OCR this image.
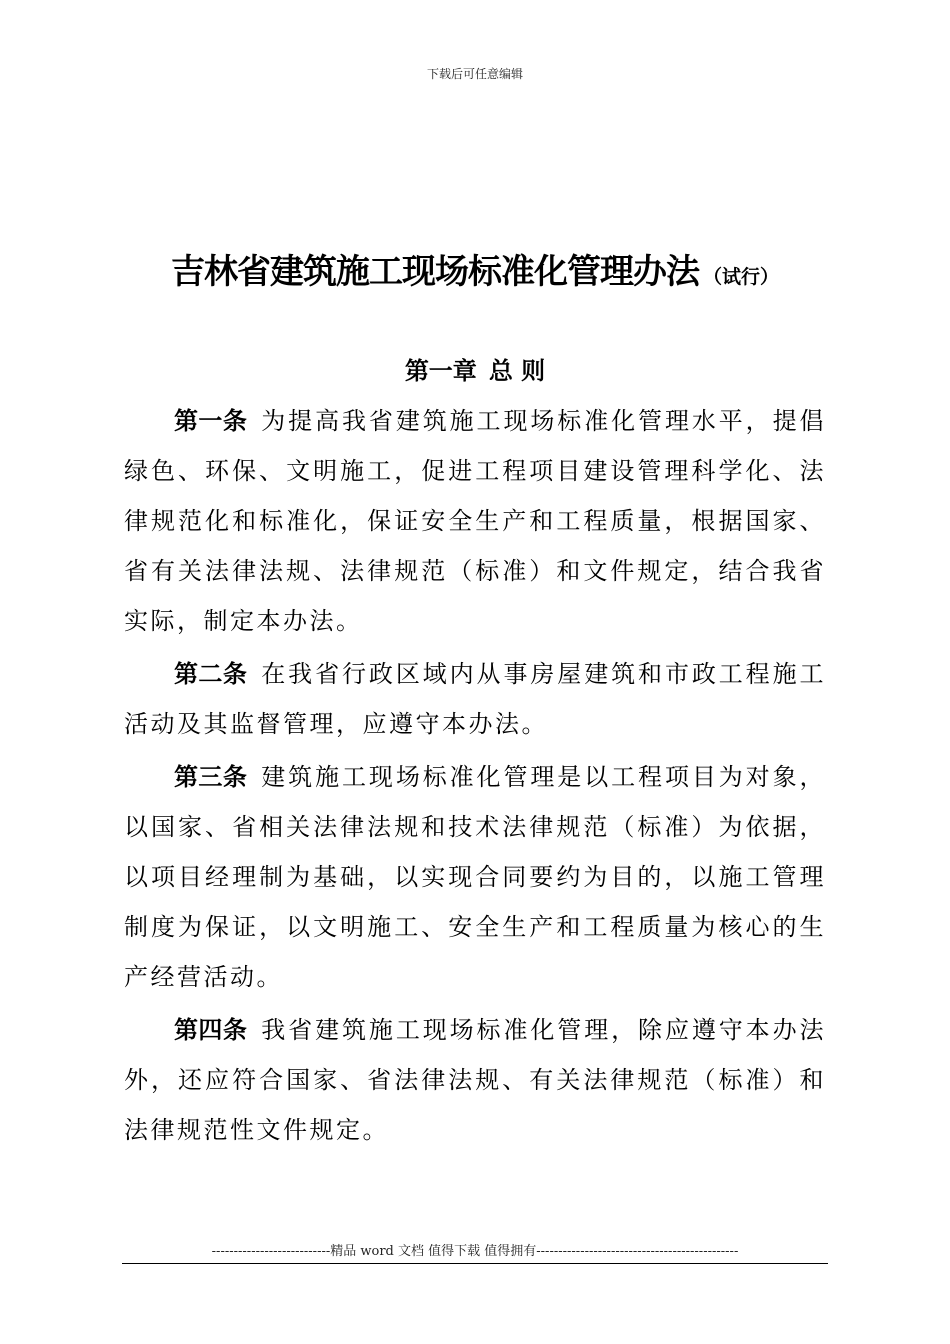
下载后可任意编辑
吉林省建筑施工现场标准化管理办法 （试行）
第一章 总 则

第一条 为提高我省建筑施工现场标准化管理水平，提倡绿色、环保、文明施工，促进工程项目建设管理科学化、法律规范化和标准化，保证安全生产和工程质量，根据国家、省有关法律法规、法律规范（标准）和文件规定，结合我省实际，制定本办法。

第二条 在我省行政区域内从事房屋建筑和市政工程施工活动及其监督管理，应遵守本办法。

第三条 建筑施工现场标准化管理是以工程项目为对象，以国家、省相关法律法规和技术法律规范（标准）为依据，以项目经理制为基础，以实现合同要约为目的，以施工管理制度为保证，以文明施工、安全生产和工程质量为核心的生产经营活动。

第四条 我省建筑施工现场标准化管理，除应遵守本办法外，还应符合国家、省法律法规、有关法律规范（标准）和法律规范性文件规定。

---------------------------精品 word 文档 值得下载 值得拥有----------------------------------------------
